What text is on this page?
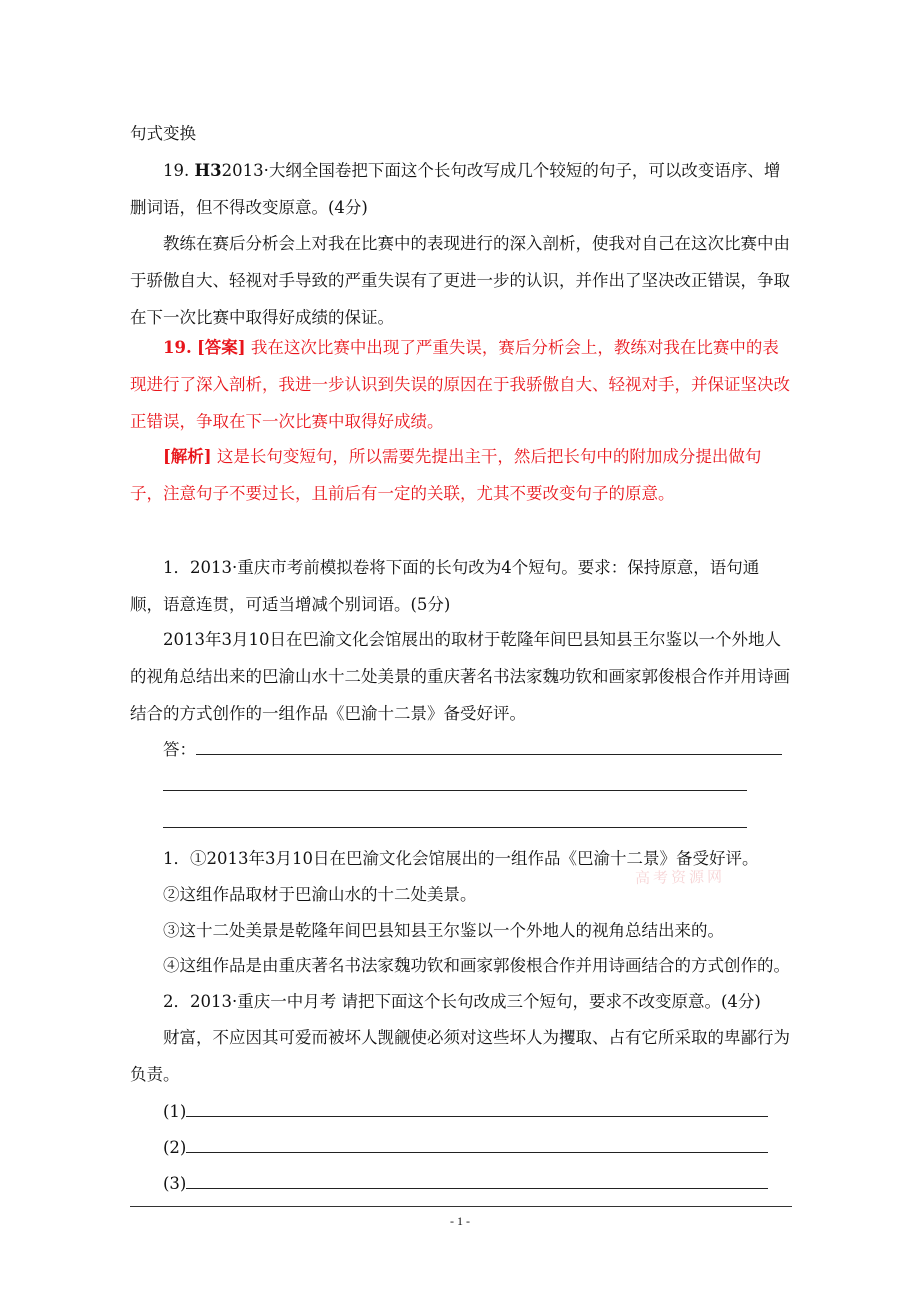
句式变换

19. H32013·大纲全国卷把下面这个长句改写成几个较短的句子，可以改变语序、增删词语，但不得改变原意。(4分)

教练在赛后分析会上对我在比赛中的表现进行的深入剖析，使我对自己在这次比赛中由于骄傲自大、轻视对手导致的严重失误有了更进一步的认识，并作出了坚决改正错误，争取在下一次比赛中取得好成绩的保证。

19. [答案] 我在这次比赛中出现了严重失误，赛后分析会上，教练对我在比赛中的表现进行了深入剖析，我进一步认识到失误的原因在于我骄傲自大、轻视对手，并保证坚决改正错误，争取在下一次比赛中取得好成绩。

[解析] 这是长句变短句，所以需要先提出主干，然后把长句中的附加成分提出做句子，注意句子不要过长，且前后有一定的关联，尤其不要改变句子的原意。

1．2013·重庆市考前模拟卷将下面的长句改为4个短句。要求：保持原意，语句通顺，语意连贯，可适当增减个别词语。(5分)

2013年3月10日在巴渝文化会馆展出的取材于乾隆年间巴县知县王尔鉴以一个外地人的视角总结出来的巴渝山水十二处美景的重庆著名书法家魏功钦和画家郭俊根合作并用诗画结合的方式创作的一组作品《巴渝十二景》备受好评。

答：
1．①2013年3月10日在巴渝文化会馆展出的一组作品《巴渝十二景》备受好评。
②这组作品取材于巴渝山水的十二处美景。
③这十二处美景是乾隆年间巴县知县王尔鉴以一个外地人的视角总结出来的。
④这组作品是由重庆著名书法家魏功钦和画家郭俊根合作并用诗画结合的方式创作的。
高考资源网
2．2013·重庆一中月考 请把下面这个长句改成三个短句，要求不改变原意。(4分)

财富，不应因其可爱而被坏人觊觎使必须对这些坏人为攫取、占有它所采取的卑鄙行为负责。

(1)
(2)
(3)
- 1 -
